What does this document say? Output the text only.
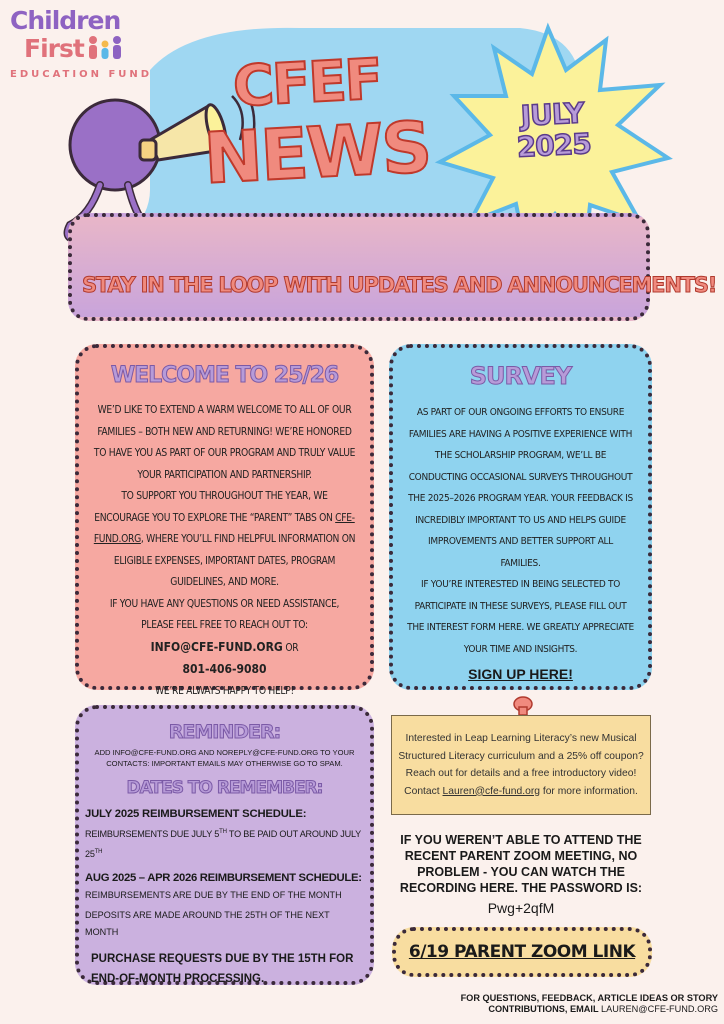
Children
First
EDUCATION FUND CFEF
NEWS	JULY
2025
STAY IN THE LOOP WITH UPDATES AND ANNOUNCEMENTS!
WELCOME TO 25/26
WE’D LIKE TO EXTEND A WARM WELCOME TO ALL OF OUR FAMILIES – BOTH NEW AND RETURNING! WE’RE HONORED TO HAVE YOU AS PART OF OUR PROGRAM AND TRULY VALUE YOUR PARTICIPATION AND PARTNERSHIP.
TO SUPPORT YOU THROUGHOUT THE YEAR, WE ENCOURAGE YOU TO EXPLORE THE “PARENT” TABS ON CFE-FUND.ORG, WHERE YOU’LL FIND HELPFUL INFORMATION ON ELIGIBLE EXPENSES, IMPORTANT DATES, PROGRAM GUIDELINES, AND MORE.
IF YOU HAVE ANY QUESTIONS OR NEED ASSISTANCE, PLEASE FEEL FREE TO REACH OUT TO:
INFO@CFE-FUND.ORG OR
801-406-9080
WE’RE ALWAYS HAPPY TO HELP!
SURVEY
AS PART OF OUR ONGOING EFFORTS TO ENSURE FAMILIES ARE HAVING A POSITIVE EXPERIENCE WITH THE SCHOLARSHIP PROGRAM, WE’LL BE CONDUCTING OCCASIONAL SURVEYS THROUGHOUT THE 2025–2026 PROGRAM YEAR. YOUR FEEDBACK IS INCREDIBLY IMPORTANT TO US AND HELPS GUIDE IMPROVEMENTS AND BETTER SUPPORT ALL FAMILIES.
IF YOU’RE INTERESTED IN BEING SELECTED TO PARTICIPATE IN THESE SURVEYS, PLEASE FILL OUT THE INTEREST FORM HERE. WE GREATLY APPRECIATE YOUR TIME AND INSIGHTS.
SIGN UP HERE!
REMINDER:
ADD INFO@CFE-FUND.ORG AND NOREPLY@CFE-FUND.ORG TO YOUR CONTACTS: IMPORTANT EMAILS MAY OTHERWISE GO TO SPAM.
DATES TO REMEMBER:
JULY 2025 REIMBURSEMENT SCHEDULE:
REIMBURSEMENTS DUE JULY 5TH TO BE PAID OUT AROUND JULY 25TH
AUG 2025 – APR 2026 REIMBURSEMENT SCHEDULE:
REIMBURSEMENTS ARE DUE BY THE END OF THE MONTH
DEPOSITS ARE MADE AROUND THE 25TH OF THE NEXT MONTH
PURCHASE REQUESTS DUE BY THE 15TH FOR END-OF-MONTH PROCESSING.
Interested in Leap Learning Literacy’s new Musical Structured Literacy curriculum and a 25% off coupon? Reach out for details and a free introductory video! Contact Lauren@cfe-fund.org for more information.
IF YOU WEREN’T ABLE TO ATTEND THE RECENT PARENT ZOOM MEETING, NO PROBLEM - YOU CAN WATCH THE RECORDING HERE. THE PASSWORD IS:
Pwg+2qfM
6/19 PARENT ZOOM LINK
FOR QUESTIONS, FEEDBACK, ARTICLE IDEAS OR STORY
CONTRIBUTIONS, EMAIL LAUREN@CFE-FUND.ORG
